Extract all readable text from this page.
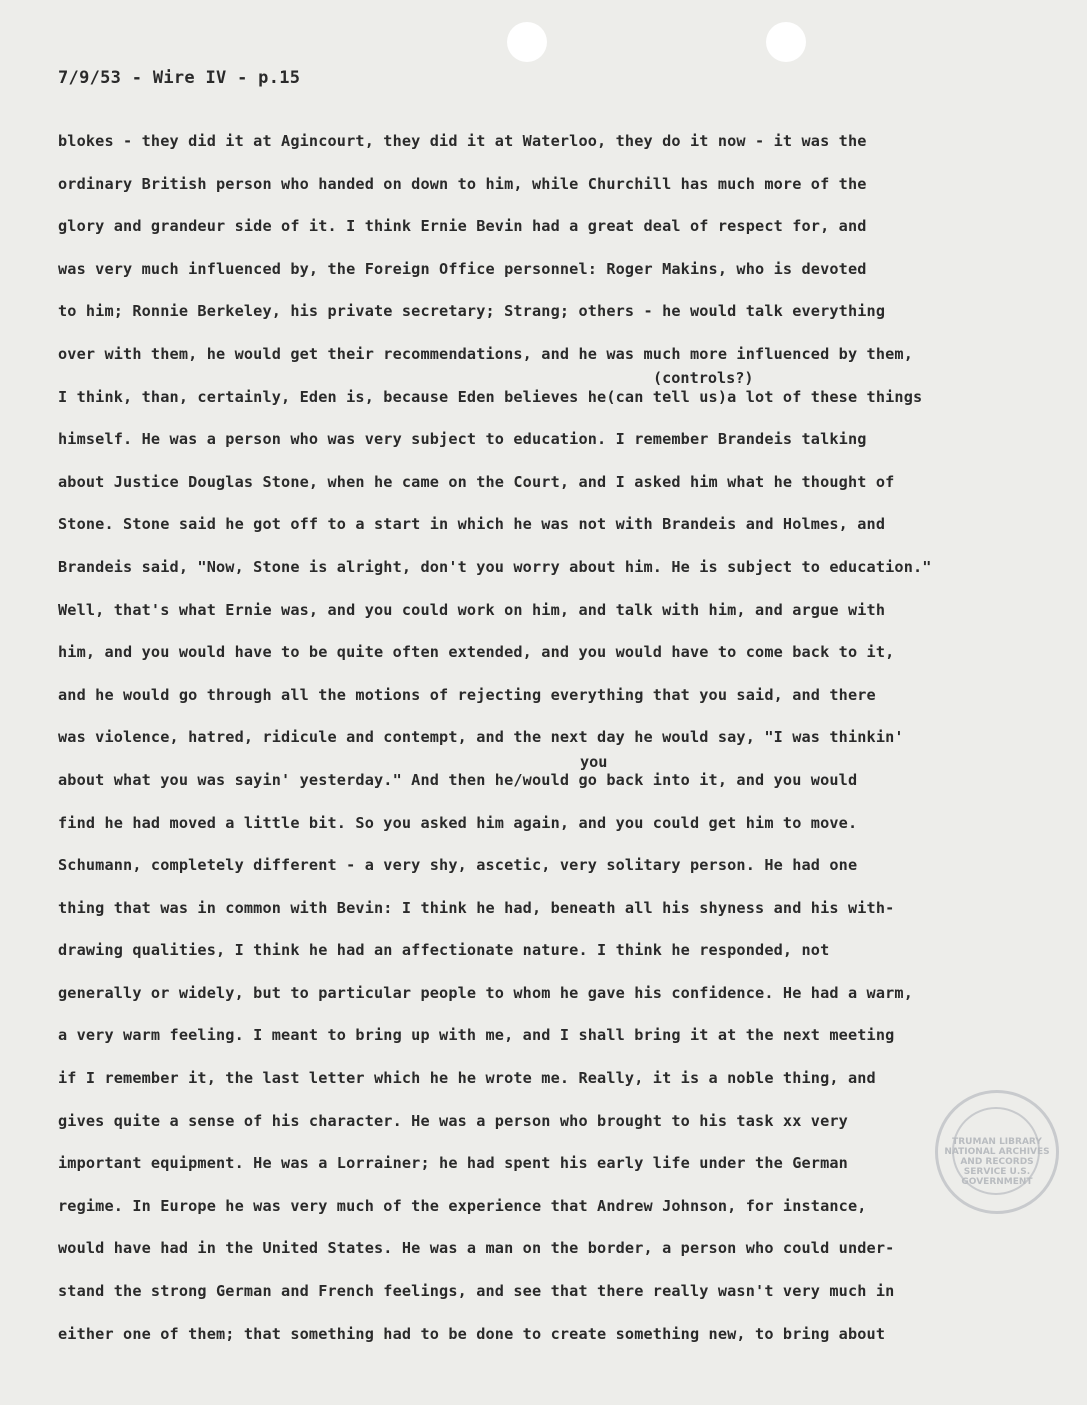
7/9/53 - Wire IV - p.15
(controls?)
you
blokes - they did it at Agincourt, they did it at Waterloo, they do it now - it was the
ordinary British person who handed on down to him, while Churchill has much more of the
glory and grandeur side of it. I think Ernie Bevin had a great deal of respect for, and
was very much influenced by, the Foreign Office personnel: Roger Makins, who is devoted
to him; Ronnie Berkeley, his private secretary; Strang; others - he would talk everything
over with them, he would get their recommendations, and he was much more influenced by them,
I think, than, certainly, Eden is, because Eden believes he(can tell us)a lot of these things
himself. He was a person who was very subject to education. I remember Brandeis talking
about Justice Douglas Stone, when he came on the Court, and I asked him what he thought of
Stone. Stone said he got off to a start in which he was not with Brandeis and Holmes, and
Brandeis said, "Now, Stone is alright, don't you worry about him. He is subject to education."
Well, that's what Ernie was, and you could work on him, and talk with him, and argue with
him, and you would have to be quite often extended, and you would have to come back to it,
and he would go through all the motions of rejecting everything that you said, and there
was violence, hatred, ridicule and contempt, and the next day he would say, "I was thinkin'
about what you was sayin' yesterday." And then he/would go back into it, and you would
find he had moved a little bit. So you asked him again, and you could get him to move.
Schumann, completely different - a very shy, ascetic, very solitary person. He had one
thing that was in common with Bevin: I think he had, beneath all his shyness and his with-
drawing qualities, I think he had an affectionate nature. I think he responded, not
generally or widely, but to particular people to whom he gave his confidence. He had a warm,
a very warm feeling. I meant to bring up with me, and I shall bring it at the next meeting
if I remember it, the last letter which he he wrote me. Really, it is a noble thing, and
gives quite a sense of his character. He was a person who brought to his task xx very
important equipment. He was a Lorrainer; he had spent his early life under the German
regime. In Europe he was very much of the experience that Andrew Johnson, for instance,
would have had in the United States. He was a man on the border, a person who could under-
stand the strong German and French feelings, and see that there really wasn't very much in
either one of them; that something had to be done to create something new, to bring about
TRUMAN LIBRARY NATIONAL ARCHIVES AND RECORDS SERVICE U.S. GOVERNMENT
